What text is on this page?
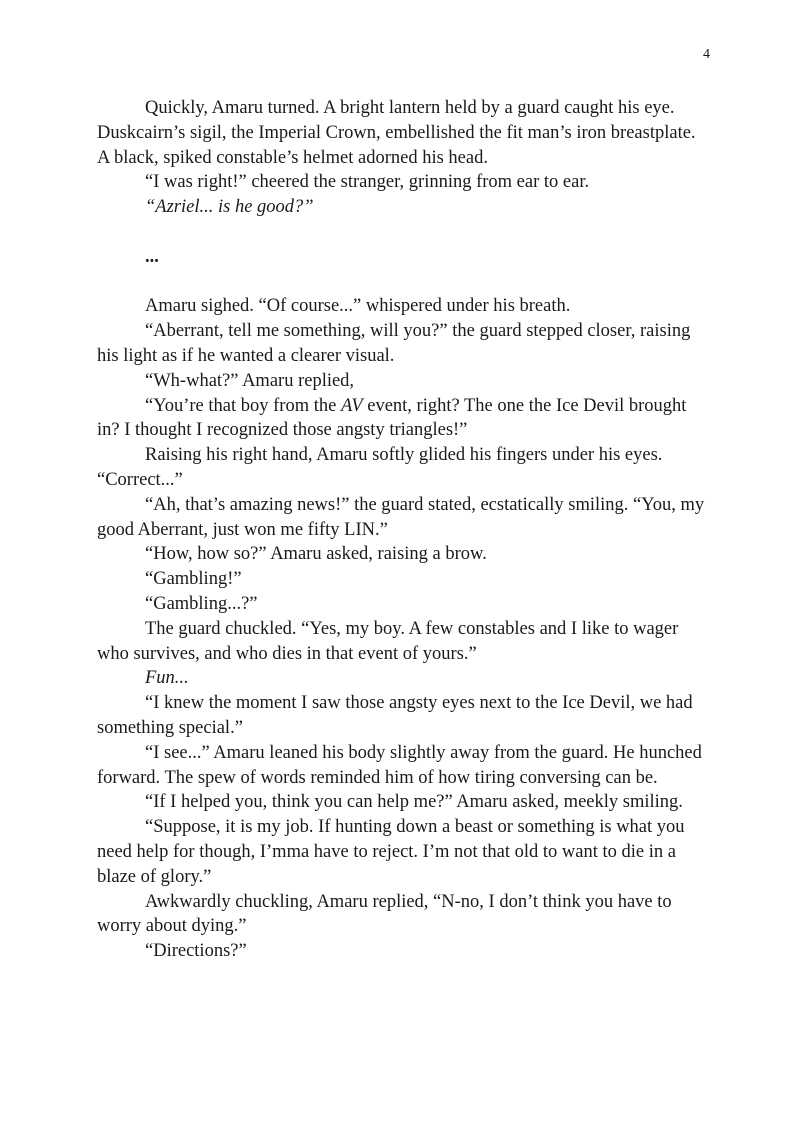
4

Quickly, Amaru turned. A bright lantern held by a guard caught his eye. Duskcairn’s sigil, the Imperial Crown, embellished the fit man’s iron breastplate. A black, spiked constable’s helmet adorned his head.

“I was right!” cheered the stranger, grinning from ear to ear.

“Azriel... is he good?”

...

Amaru sighed. “Of course...” whispered under his breath.

“Aberrant, tell me something, will you?” the guard stepped closer, raising his light as if he wanted a clearer visual.

“Wh-what?” Amaru replied,

“You’re that boy from the AV event, right? The one the Ice Devil brought in? I thought I recognized those angsty triangles!”

Raising his right hand, Amaru softly glided his fingers under his eyes. “Correct...”

“Ah, that’s amazing news!” the guard stated, ecstatically smiling. “You, my good Aberrant, just won me fifty LIN.”

“How, how so?” Amaru asked, raising a brow.

“Gambling!”

“Gambling...?”

The guard chuckled. “Yes, my boy. A few constables and I like to wager who survives, and who dies in that event of yours.”

Fun...

“I knew the moment I saw those angsty eyes next to the Ice Devil, we had something special.”

“I see...” Amaru leaned his body slightly away from the guard. He hunched forward. The spew of words reminded him of how tiring conversing can be.

“If I helped you, think you can help me?” Amaru asked, meekly smiling.

“Suppose, it is my job. If hunting down a beast or something is what you need help for though, I’mma have to reject. I’m not that old to want to die in a blaze of glory.”

Awkwardly chuckling, Amaru replied, “N-no, I don’t think you have to worry about dying.”

“Directions?”
